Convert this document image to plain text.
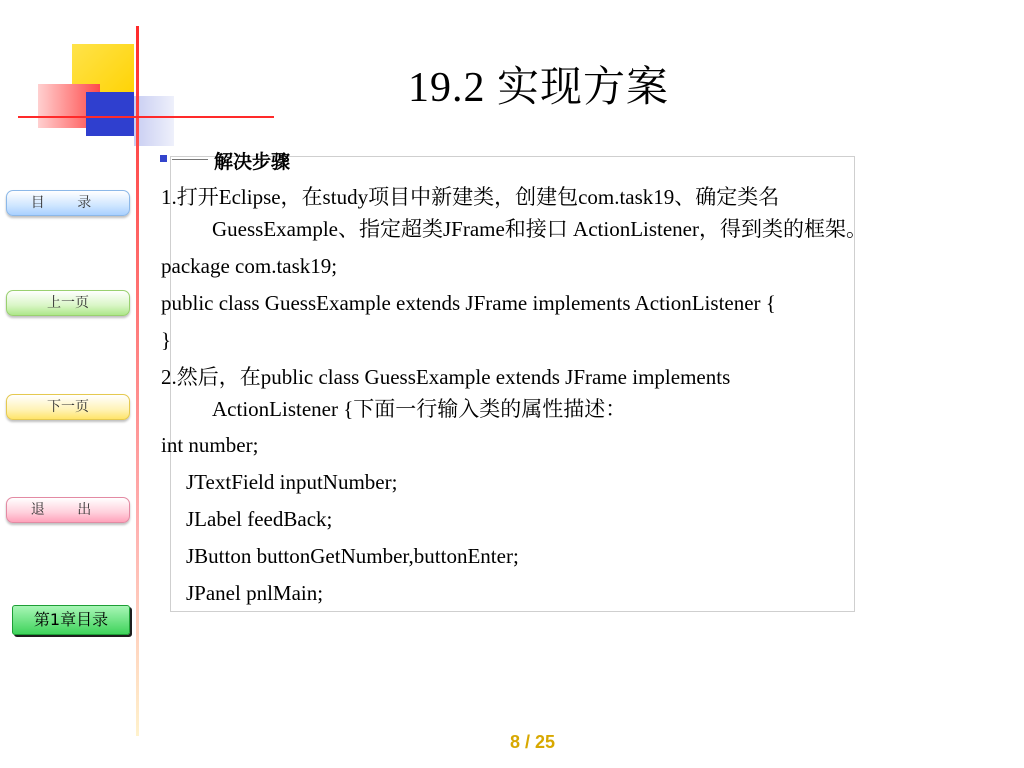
19.2 实现方案
目 录
上一页
下一页
退 出
第1章目录
解决步骤
1.打开Eclipse，在study项目中新建类，创建包com.task19、确定类名
GuessExample、指定超类JFrame和接口 ActionListener，得到类的框架。
package com.task19;
public class GuessExample extends JFrame implements ActionListener {
}
2.然后，在public class GuessExample extends JFrame implements
ActionListener {下面一行输入类的属性描述：
int number;
JTextField inputNumber;
JLabel feedBack;
JButton buttonGetNumber,buttonEnter;
JPanel pnlMain;
8 / 25
